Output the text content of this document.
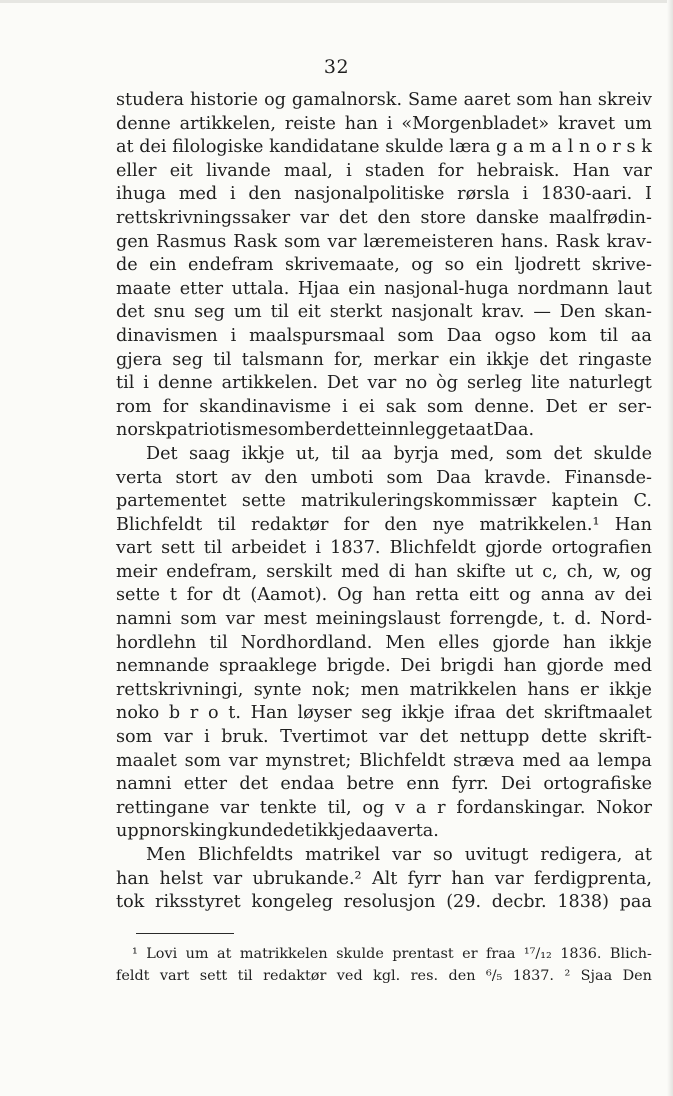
32
studera historie og gamalnorsk. Same aaret som han skreiv
denne artikkelen, reiste han i «Morgenbladet» kravet um
at dei filologiske kandidatane skulde læra g a m a l n o r s k
eller eit livande maal, i staden for hebraisk. Han var
ihuga med i den nasjonalpolitiske rørsla i 1830-aari. I
rettskrivningssaker var det den store danske maalfrødin-
gen Rasmus Rask som var læremeisteren hans. Rask krav-
de ein endefram skrivemaate, og so ein ljodrett skrive-
maate etter uttala. Hjaa ein nasjonal-huga nordmann laut
det snu seg um til eit sterkt nasjonalt krav. — Den skan-
dinavismen i maalspursmaal som Daa ogso kom til aa
gjera seg til talsmann for, merkar ein ikkje det ringaste
til i denne artikkelen. Det var no òg serleg lite naturlegt
rom for skandinavisme i ei sak som denne. Det er ser-
norsk patriotisme som ber dette innlegget aat Daa.
Det saag ikkje ut, til aa byrja med, som det skulde
verta stort av den umboti som Daa kravde. Finansde-
partementet sette matrikuleringskommissær kaptein C.
Blichfeldt til redaktør for den nye matrikkelen.¹ Han
vart sett til arbeidet i 1837. Blichfeldt gjorde ortografien
meir endefram, serskilt med di han skifte ut c, ch, w, og
sette t for dt (Aamot). Og han retta eitt og anna av dei
namni som var mest meiningslaust forrengde, t. d. Nord-
hordlehn til Nordhordland. Men elles gjorde han ikkje
nemnande spraaklege brigde. Dei brigdi han gjorde med
rettskrivningi, synte nok; men matrikkelen hans er ikkje
noko b r o t. Han løyser seg ikkje ifraa det skriftmaalet
som var i bruk. Tvertimot var det nettupp dette skrift-
maalet som var mynstret; Blichfeldt stræva med aa lempa
namni etter det endaa betre enn fyrr. Dei ortografiske
rettingane var tenkte til, og v a r fordanskingar. Nokor
uppnorsking kunde det ikkje daa verta.
Men Blichfeldts matrikel var so uvitugt redigera, at
han helst var ubrukande.² Alt fyrr han var ferdigprenta,
tok riksstyret kongeleg resolusjon (29. decbr. 1838) paa
¹ Lovi um at matrikkelen skulde prentast er fraa ¹⁷/₁₂ 1836. Blich-
feldt vart sett til redaktør ved kgl. res. den ⁶/₅ 1837. ² Sjaa Den
